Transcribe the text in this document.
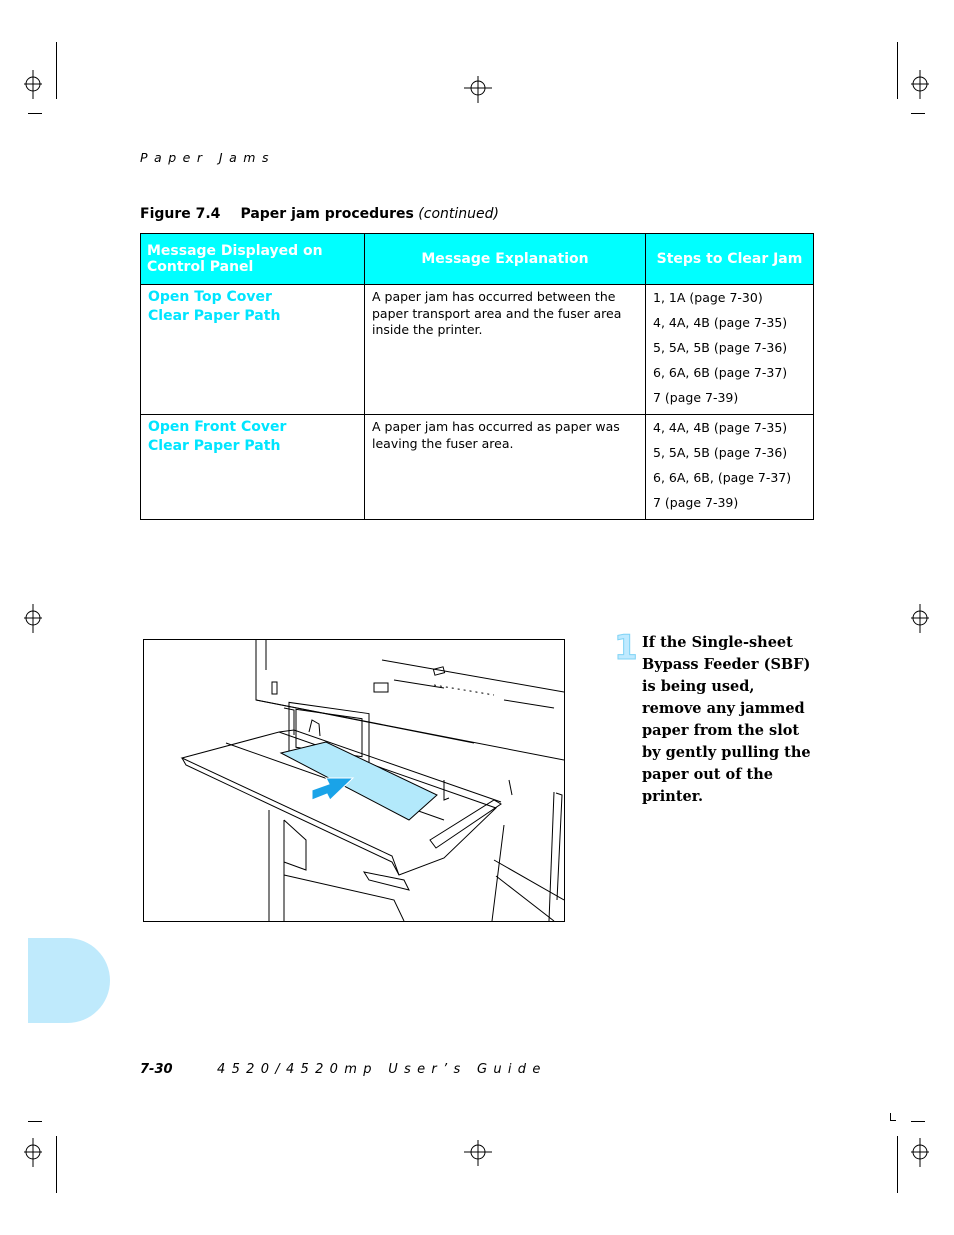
Paper Jams
Figure 7.4 Paper jam procedures (continued)
Message Displayed on Control Panel	Message Explanation	Steps to Clear Jam

Open Top Cover
Clear Paper Path	A paper jam has occurred between the paper transport area and the fuser area inside the printer.	1, 1A (page 7-30)
4, 4A, 4B (page 7-35)
5, 5A, 5B (page 7-36)
6, 6A, 6B (page 7-37)
7 (page 7-39)

Open Front Cover
Clear Paper Path	A paper jam has occurred as paper was leaving the fuser area.	4, 4A, 4B (page 7-35)
5, 5A, 5B (page 7-36)
6, 6A, 6B, (page 7-37)
7 (page 7-39)
1 If the Single-sheet Bypass Feeder (SBF) is being used, remove any jammed paper from the slot by gently pulling the paper out of the printer.
7-30	4520/4520mp User’s Guide
